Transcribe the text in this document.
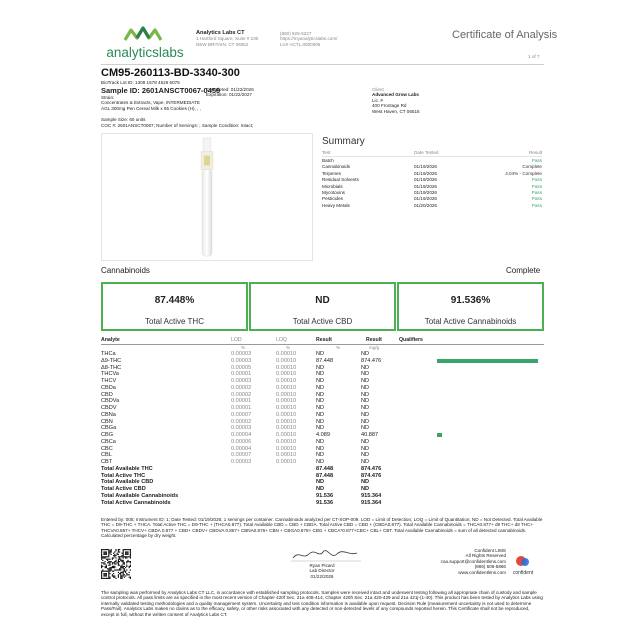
analyticslabs
Analytics Labs CT
1 Hartford Square, Suite # 230
NEW BRITAIN, CT 06052
(860) 925-5227
https://myanalyticslabs.com/
Lic# ACTL.0000005
Certificate of Analysis
1 of 7
CM95-260113-BD-3340-300
BioTrack Lot ID: 1308 1578 4526 6075
Sample ID: 2601ANSCT0067-0459
Completed: 01/22/2026
Expiration: 01/22/2027
Strain:
Concentrates & Extracts, Vape, INTERMEDIATE
AGL 300mg Pen Cereal Milk x 95 Cookies (H), , ,
Client
Advanced Grow Labs
Lic. #
400 Frontage Rd
West Haven, CT 06516
Sample Size: 60 units
COC #: 2601ANSCT0067; Number of Servings: ; Sample Condition: Intact;
Summary
Test	Date Tested	Result
Batch	Pass
Cannabinoids	01/19/2026	Complete
Terpenes	01/19/2026	4.04% - Complete
Residual Solvents	01/19/2026	Pass
Microbials	01/19/2026	Pass
Mycotoxins	01/19/2026	Pass
Pesticides	01/19/2026	Pass
Heavy Metals	01/20/2026	Pass
Cannabinoids	Complete
87.448%
Total Active THC
ND
Total Active CBD
91.536%
Total Active Cannabinoids
Analyte	LOD	LOQ	Result	Result	Qualifiers
%	%	%	mg/g
THCa	0.00003	0.00010	ND	ND
Δ9-THC	0.00003	0.00010	87.448	874.476
Δ8-THC	0.00005	0.00010	ND	ND
THCVa	0.00001	0.00010	ND	ND
THCV	0.00003	0.00010	ND	ND
CBDa	0.00002	0.00010	ND	ND
CBD	0.00002	0.00010	ND	ND
CBDVa	0.00001	0.00010	ND	ND
CBDV	0.00001	0.00010	ND	ND
CBNa	0.00007	0.00010	ND	ND
CBN	0.00002	0.00010	ND	ND
CBGa	0.00003	0.00010	ND	ND
CBG	0.00004	0.00010	4.089	40.887
CBCa	0.00006	0.00010	ND	ND
CBC	0.00004	0.00010	ND	ND
CBL	0.00007	0.00010	ND	ND
CBT	0.00003	0.00010	ND	ND
Total Available THC	87.448	874.476
Total Active THC	87.448	874.476
Total Available CBD	ND	ND
Total Active CBD	ND	ND
Total Available Cannabinoids	91.536	915.364
Total Active Cannabinoids	91.536	915.364
Entered by: 005; Instrument ID: 1; Date Tested: 01/19/2026; 1 servings per container. Cannabinoids analyzed per CT-SOP-009. LOD = Limit of Detection; LOQ = Limit of Quantitation; ND = Not Detected. Total Available THC = D9-THC + THCA. Total Active THC = D9-THC + (THCA0.877). Total Available CBD = CBD + CBDA. Total Active CBD = CBD + (CBDA0.877). Total Available Cannabinoids = THCA0.877+ d9 THC+ d8 THC+ THCVA0.867+ THCV+ CBDA 0.877 + CBD+ CBDV+ CBDVA 0.867+ CBNA0.876+ CBN + CBGA0.878+ CBG + CBCA*0.877+CBC+ CBL+ CBT. Total Available Cannabinoids = sum of all detected cannabinoids. Calculated percentage by dry weight.
Ryan Picard
Lab Director
01/22/2026
Confident LIMS
All Rights Reserved
coa.support@confidentlims.com
(866) 506-5866
www.confidentlims.com confident
The sampling was performed by Analytics Labs CT LLC, in accordance with established sampling protocols. Samples were received intact and underwent testing following all appropriate chain of custody and sample control protocols. All pass limits are as specified in the most recent version of Chapter 420f Sec. 21a 408-414, Chapter 420h Sec. 21a 420-429 and 21a 421j-(1-40). This product has been tested by Analytics Labs using internally validated testing methodologies and a quality management system. Uncertainty and test condition information is available upon request. Decision Rule (measurement uncertainty is not used to determine Pass/Fail). Analytics Labs makes no claims as to the efficacy, safety, or other risks associated with any detected or non-detected levels of any compounds reported herein. This Certificate shall not be reproduced, except in full, without the written consent of Analytics Labs CT.
